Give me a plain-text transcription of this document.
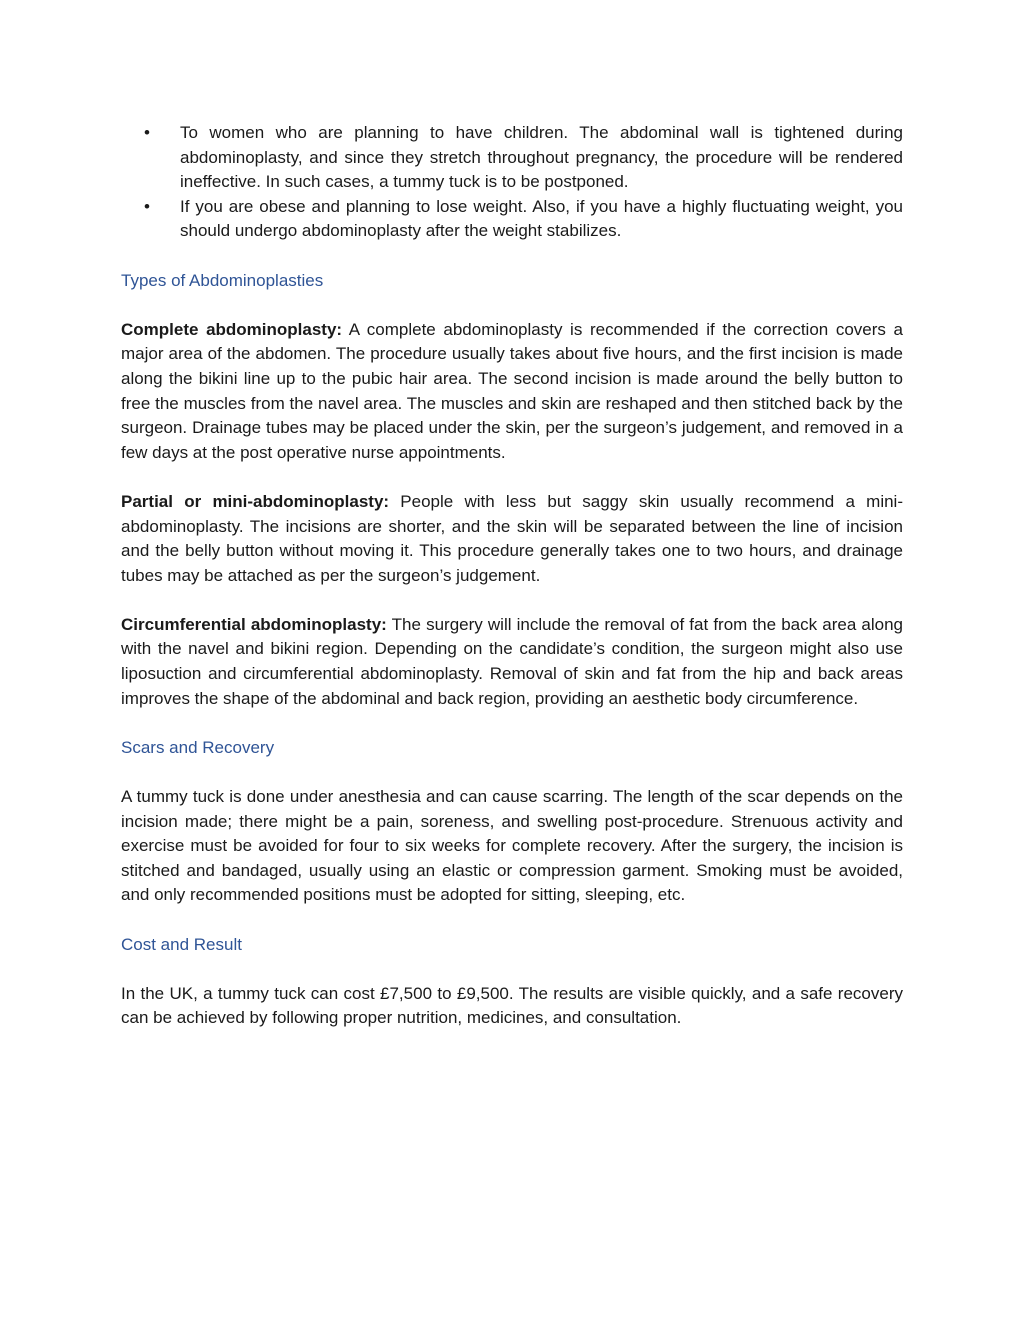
• To women who are planning to have children. The abdominal wall is tightened during abdominoplasty, and since they stretch throughout pregnancy, the procedure will be rendered ineffective. In such cases, a tummy tuck is to be postponed.
• If you are obese and planning to lose weight. Also, if you have a highly fluctuating weight, you should undergo abdominoplasty after the weight stabilizes.

Types of Abdominoplasties

Complete abdominoplasty: A complete abdominoplasty is recommended if the correction covers a major area of the abdomen. The procedure usually takes about five hours, and the first incision is made along the bikini line up to the pubic hair area. The second incision is made around the belly button to free the muscles from the navel area. The muscles and skin are reshaped and then stitched back by the surgeon. Drainage tubes may be placed under the skin, per the surgeon’s judgement, and removed in a few days at the post operative nurse appointments.

Partial or mini-abdominoplasty: People with less but saggy skin usually recommend a mini-abdominoplasty. The incisions are shorter, and the skin will be separated between the line of incision and the belly button without moving it. This procedure generally takes one to two hours, and drainage tubes may be attached as per the surgeon’s judgement.

Circumferential abdominoplasty: The surgery will include the removal of fat from the back area along with the navel and bikini region. Depending on the candidate’s condition, the surgeon might also use liposuction and circumferential abdominoplasty. Removal of skin and fat from the hip and back areas improves the shape of the abdominal and back region, providing an aesthetic body circumference.

Scars and Recovery

A tummy tuck is done under anesthesia and can cause scarring. The length of the scar depends on the incision made; there might be a pain, soreness, and swelling post-procedure. Strenuous activity and exercise must be avoided for four to six weeks for complete recovery. After the surgery, the incision is stitched and bandaged, usually using an elastic or compression garment. Smoking must be avoided, and only recommended positions must be adopted for sitting, sleeping, etc.

Cost and Result

In the UK, a tummy tuck can cost £7,500 to £9,500. The results are visible quickly, and a safe recovery can be achieved by following proper nutrition, medicines, and consultation.
